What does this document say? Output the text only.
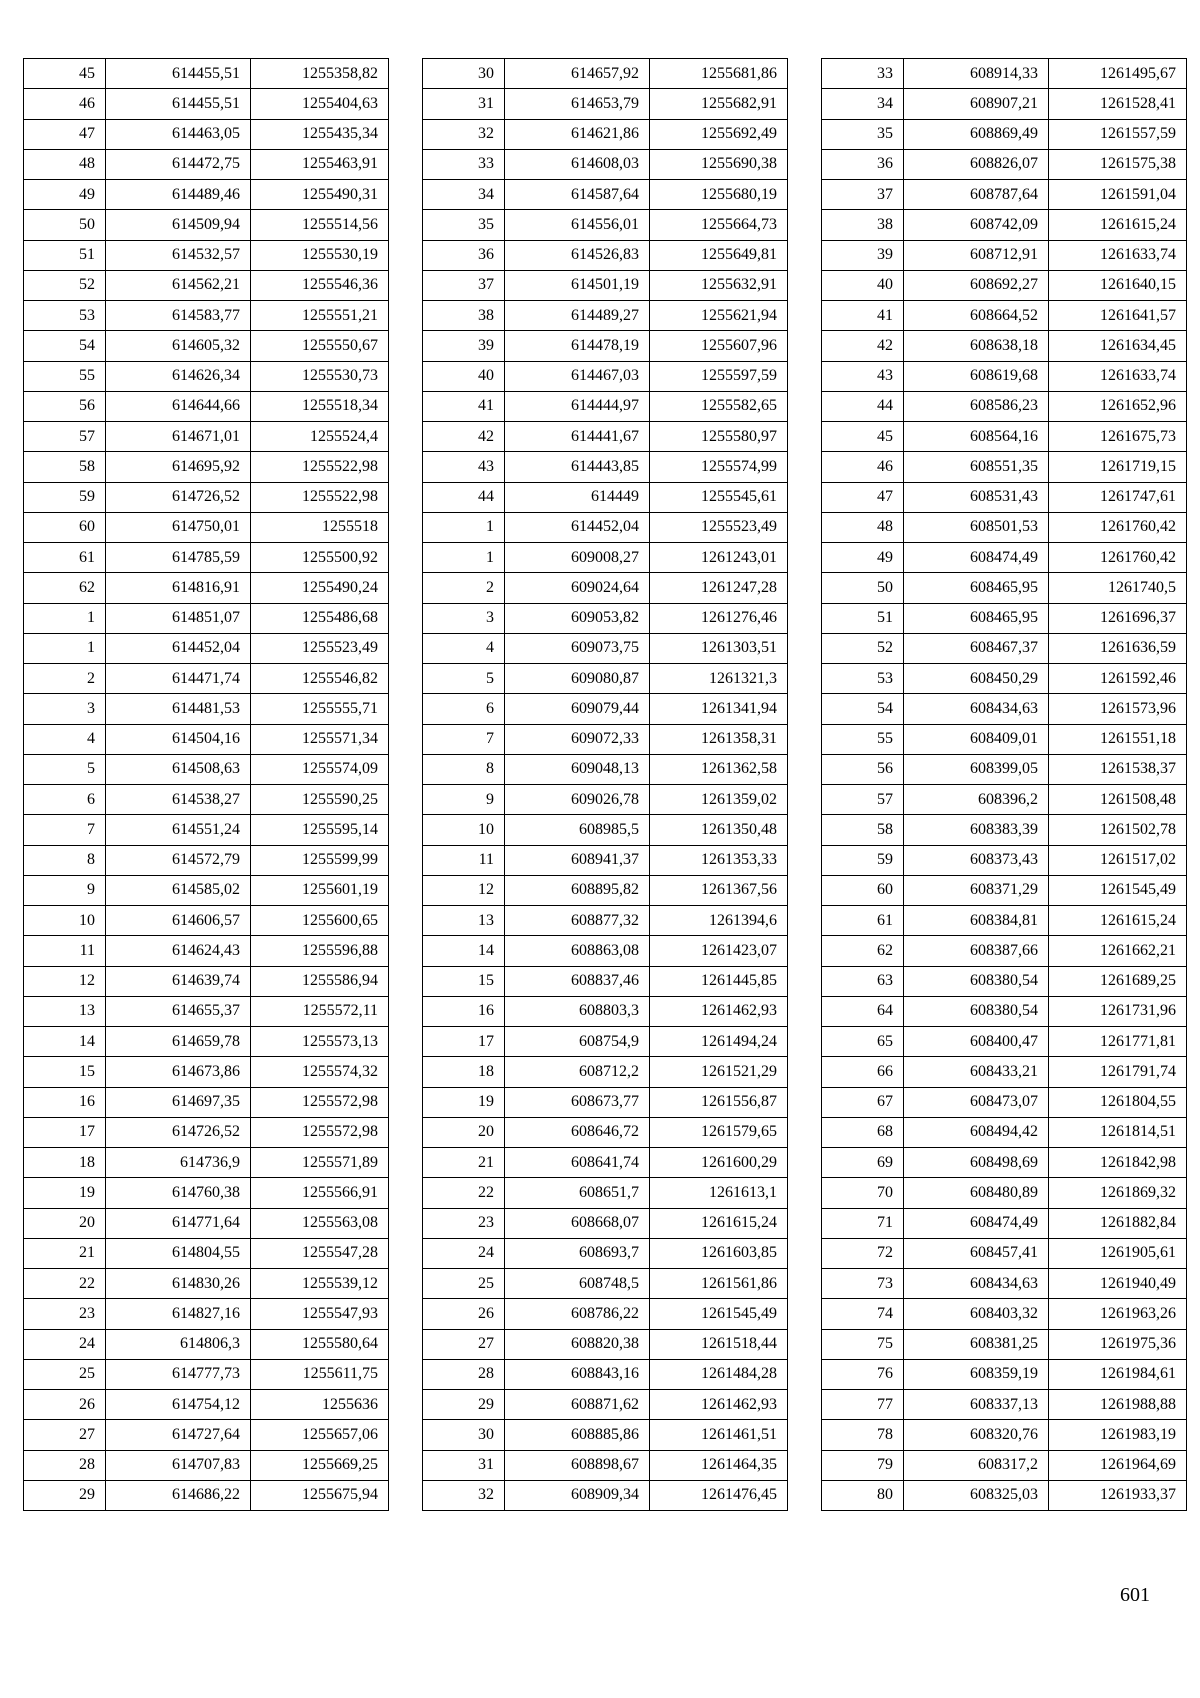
45	614455,51	1255358,82
46	614455,51	1255404,63
47	614463,05	1255435,34
48	614472,75	1255463,91
49	614489,46	1255490,31
50	614509,94	1255514,56
51	614532,57	1255530,19
52	614562,21	1255546,36
53	614583,77	1255551,21
54	614605,32	1255550,67
55	614626,34	1255530,73
56	614644,66	1255518,34
57	614671,01	1255524,4
58	614695,92	1255522,98
59	614726,52	1255522,98
60	614750,01	1255518
61	614785,59	1255500,92
62	614816,91	1255490,24
1	614851,07	1255486,68
1	614452,04	1255523,49
2	614471,74	1255546,82
3	614481,53	1255555,71
4	614504,16	1255571,34
5	614508,63	1255574,09
6	614538,27	1255590,25
7	614551,24	1255595,14
8	614572,79	1255599,99
9	614585,02	1255601,19
10	614606,57	1255600,65
11	614624,43	1255596,88
12	614639,74	1255586,94
13	614655,37	1255572,11
14	614659,78	1255573,13
15	614673,86	1255574,32
16	614697,35	1255572,98
17	614726,52	1255572,98
18	614736,9	1255571,89
19	614760,38	1255566,91
20	614771,64	1255563,08
21	614804,55	1255547,28
22	614830,26	1255539,12
23	614827,16	1255547,93
24	614806,3	1255580,64
25	614777,73	1255611,75
26	614754,12	1255636
27	614727,64	1255657,06
28	614707,83	1255669,25
29	614686,22	1255675,94
30	614657,92	1255681,86
31	614653,79	1255682,91
32	614621,86	1255692,49
33	614608,03	1255690,38
34	614587,64	1255680,19
35	614556,01	1255664,73
36	614526,83	1255649,81
37	614501,19	1255632,91
38	614489,27	1255621,94
39	614478,19	1255607,96
40	614467,03	1255597,59
41	614444,97	1255582,65
42	614441,67	1255580,97
43	614443,85	1255574,99
44	614449	1255545,61
1	614452,04	1255523,49
1	609008,27	1261243,01
2	609024,64	1261247,28
3	609053,82	1261276,46
4	609073,75	1261303,51
5	609080,87	1261321,3
6	609079,44	1261341,94
7	609072,33	1261358,31
8	609048,13	1261362,58
9	609026,78	1261359,02
10	608985,5	1261350,48
11	608941,37	1261353,33
12	608895,82	1261367,56
13	608877,32	1261394,6
14	608863,08	1261423,07
15	608837,46	1261445,85
16	608803,3	1261462,93
17	608754,9	1261494,24
18	608712,2	1261521,29
19	608673,77	1261556,87
20	608646,72	1261579,65
21	608641,74	1261600,29
22	608651,7	1261613,1
23	608668,07	1261615,24
24	608693,7	1261603,85
25	608748,5	1261561,86
26	608786,22	1261545,49
27	608820,38	1261518,44
28	608843,16	1261484,28
29	608871,62	1261462,93
30	608885,86	1261461,51
31	608898,67	1261464,35
32	608909,34	1261476,45
33	608914,33	1261495,67
34	608907,21	1261528,41
35	608869,49	1261557,59
36	608826,07	1261575,38
37	608787,64	1261591,04
38	608742,09	1261615,24
39	608712,91	1261633,74
40	608692,27	1261640,15
41	608664,52	1261641,57
42	608638,18	1261634,45
43	608619,68	1261633,74
44	608586,23	1261652,96
45	608564,16	1261675,73
46	608551,35	1261719,15
47	608531,43	1261747,61
48	608501,53	1261760,42
49	608474,49	1261760,42
50	608465,95	1261740,5
51	608465,95	1261696,37
52	608467,37	1261636,59
53	608450,29	1261592,46
54	608434,63	1261573,96
55	608409,01	1261551,18
56	608399,05	1261538,37
57	608396,2	1261508,48
58	608383,39	1261502,78
59	608373,43	1261517,02
60	608371,29	1261545,49
61	608384,81	1261615,24
62	608387,66	1261662,21
63	608380,54	1261689,25
64	608380,54	1261731,96
65	608400,47	1261771,81
66	608433,21	1261791,74
67	608473,07	1261804,55
68	608494,42	1261814,51
69	608498,69	1261842,98
70	608480,89	1261869,32
71	608474,49	1261882,84
72	608457,41	1261905,61
73	608434,63	1261940,49
74	608403,32	1261963,26
75	608381,25	1261975,36
76	608359,19	1261984,61
77	608337,13	1261988,88
78	608320,76	1261983,19
79	608317,2	1261964,69
80	608325,03	1261933,37
601
